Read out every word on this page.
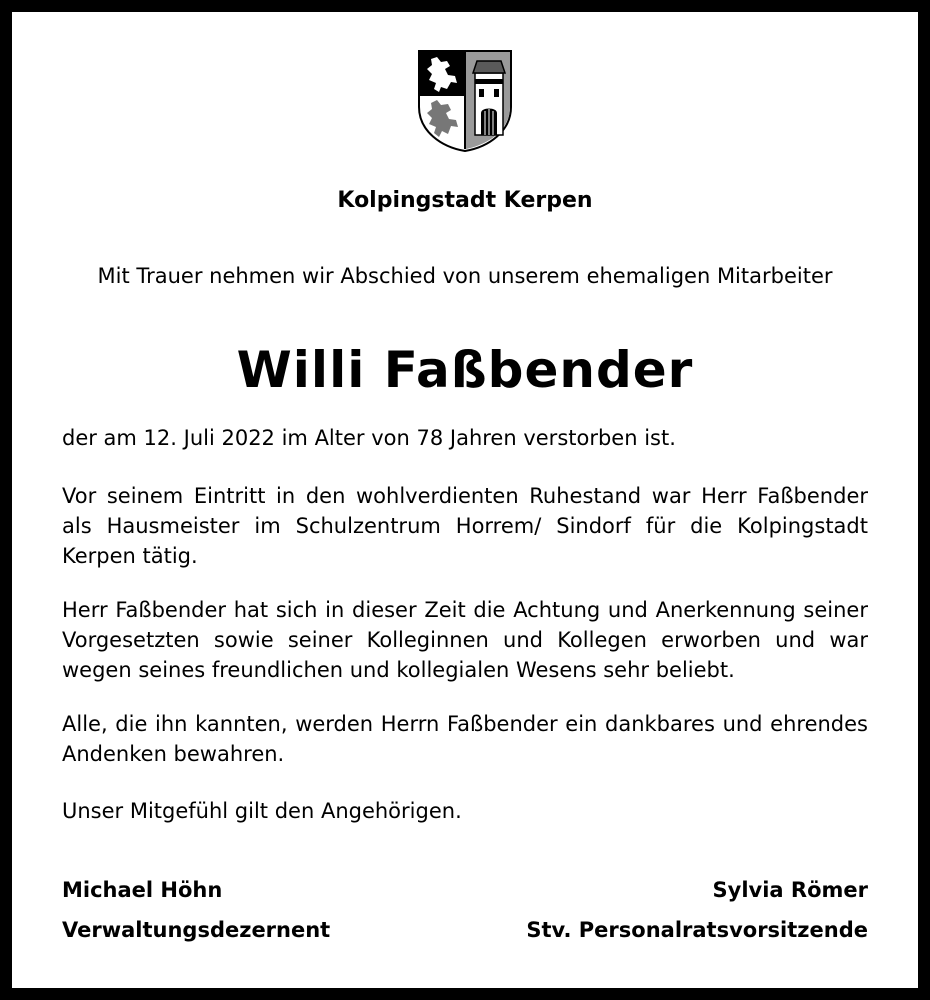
Kolpingstadt Kerpen
Mit Trauer nehmen wir Abschied von unserem ehemaligen Mitarbeiter
Willi Faßbender
der am 12. Juli 2022 im Alter von 78 Jahren verstorben ist.
Vor seinem Eintritt in den wohlverdienten Ruhestand war Herr Faßbender als Hausmeister im Schulzentrum Horrem/ Sindorf für die Kolpingstadt Kerpen tätig.
Herr Faßbender hat sich in dieser Zeit die Achtung und Anerkennung seiner Vorgesetzten sowie seiner Kolleginnen und Kollegen erworben und war wegen seines freundlichen und kollegialen Wesens sehr beliebt.
Alle, die ihn kannten, werden Herrn Faßbender ein dankbares und ehrendes Andenken bewahren.
Unser Mitgefühl gilt den Angehörigen.
Michael Höhn
Verwaltungsdezernent
Sylvia Römer
Stv. Personalratsvorsitzende
